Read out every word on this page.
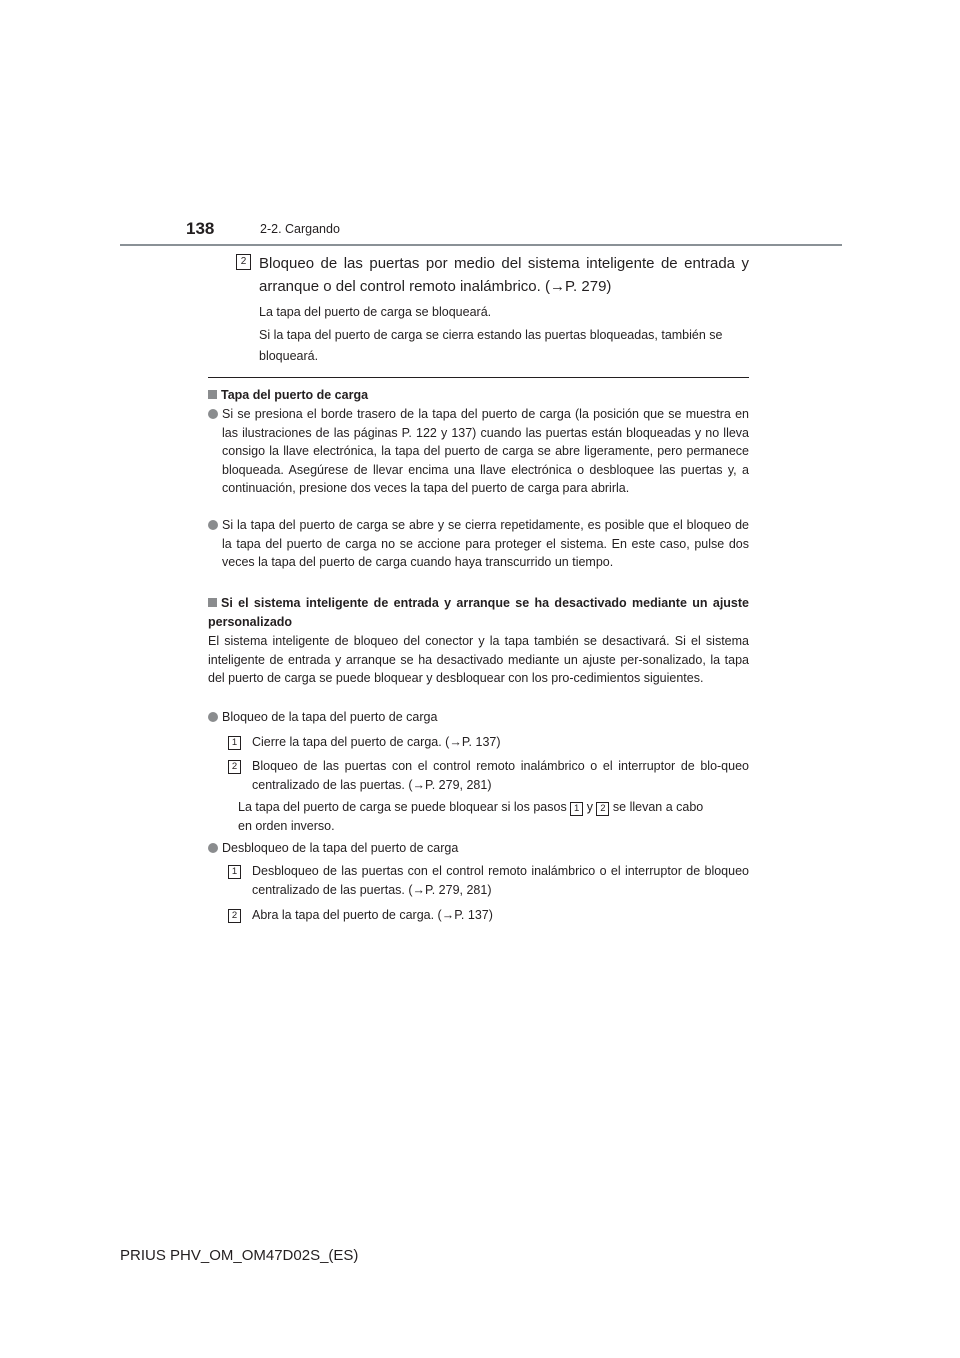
138	2-2. Cargando
2 Bloqueo de las puertas por medio del sistema inteligente de entrada y arranque o del control remoto inalámbrico. (→P. 279)
La tapa del puerto de carga se bloqueará.
Si la tapa del puerto de carga se cierra estando las puertas bloqueadas, también se bloqueará.
Tapa del puerto de carga
Si se presiona el borde trasero de la tapa del puerto de carga (la posición que se muestra en las ilustraciones de las páginas P. 122 y 137) cuando las puertas están bloqueadas y no lleva consigo la llave electrónica, la tapa del puerto de carga se abre ligeramente, pero permanece bloqueada. Asegúrese de llevar encima una llave electrónica o desbloquee las puertas y, a continuación, presione dos veces la tapa del puerto de carga para abrirla.
Si la tapa del puerto de carga se abre y se cierra repetidamente, es posible que el bloqueo de la tapa del puerto de carga no se accione para proteger el sistema. En este caso, pulse dos veces la tapa del puerto de carga cuando haya transcurrido un tiempo.
Si el sistema inteligente de entrada y arranque se ha desactivado mediante un ajuste personalizado
El sistema inteligente de bloqueo del conector y la tapa también se desactivará. Si el sistema inteligente de entrada y arranque se ha desactivado mediante un ajuste per-sonalizado, la tapa del puerto de carga se puede bloquear y desbloquear con los pro-cedimientos siguientes.
Bloqueo de la tapa del puerto de carga
1	Cierre la tapa del puerto de carga. (→P. 137)
2	Bloqueo de las puertas con el control remoto inalámbrico o el interruptor de blo-queo centralizado de las puertas. (→P. 279, 281)
La tapa del puerto de carga se puede bloquear si los pasos 1 y 2 se llevan a cabo
en orden inverso.
Desbloqueo de la tapa del puerto de carga
1	Desbloqueo de las puertas con el control remoto inalámbrico o el interruptor de bloqueo centralizado de las puertas. (→P. 279, 281)
2	Abra la tapa del puerto de carga. (→P. 137)
PRIUS PHV_OM_OM47D02S_(ES)
